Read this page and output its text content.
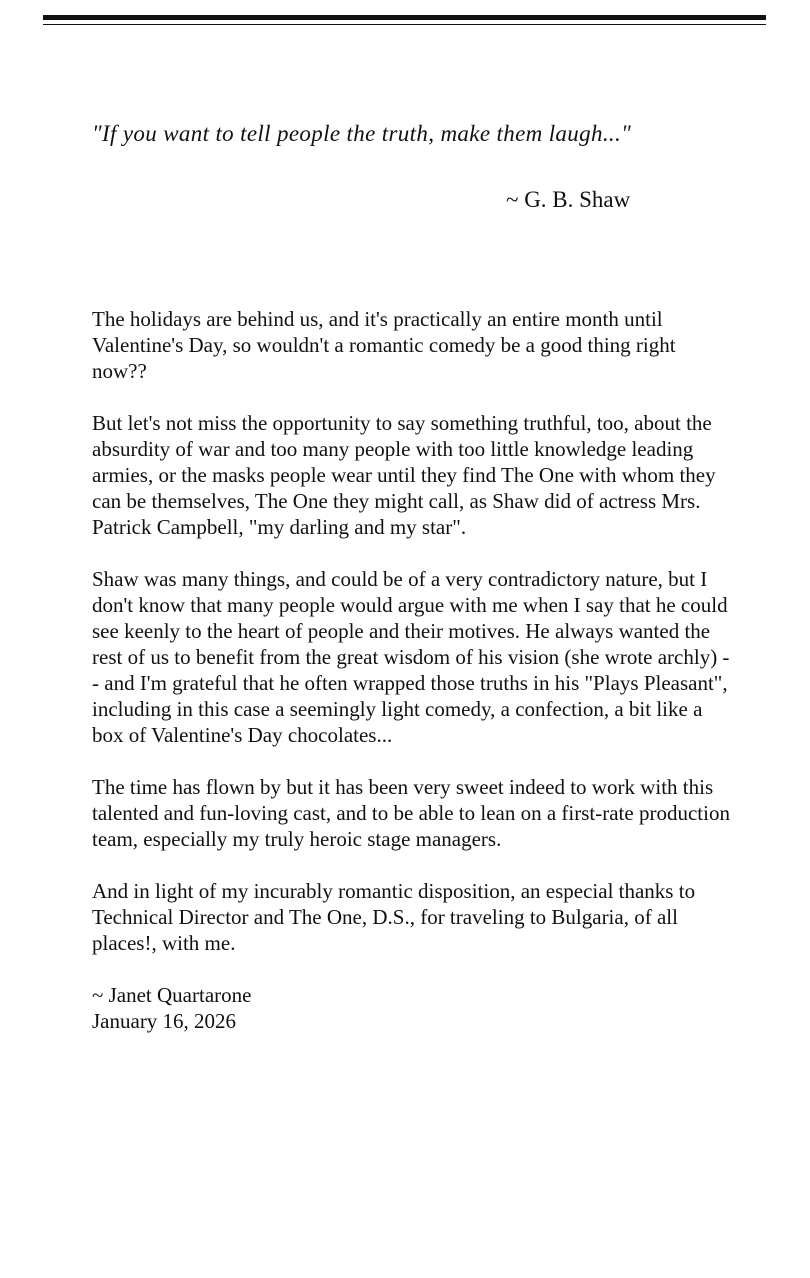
"If you want to tell people the truth, make them laugh..."

~ G. B. Shaw

The holidays are behind us, and it's practically an entire month until Valentine's Day, so wouldn't a romantic comedy be a good thing right now??

But let's not miss the opportunity to say something truthful, too, about the absurdity of war and too many people with too little knowledge leading armies, or the masks people wear until they find The One with whom they can be themselves, The One they might call, as Shaw did of actress Mrs. Patrick Campbell, "my darling and my star".

Shaw was many things, and could be of a very contradictory nature, but I don't know that many people would argue with me when I say that he could see keenly to the heart of people and their motives. He always wanted the rest of us to benefit from the great wisdom of his vision (she wrote archly) -- and I'm grateful that he often wrapped those truths in his "Plays Pleasant", including in this case a seemingly light comedy, a confection, a bit like a box of Valentine's Day chocolates...

The time has flown by but it has been very sweet indeed to work with this talented and fun-loving cast, and to be able to lean on a first-rate production team, especially my truly heroic stage managers.

And in light of my incurably romantic disposition, an especial thanks to Technical Director and The One, D.S., for traveling to Bulgaria, of all places!, with me.

~ Janet Quartarone
January 16, 2026
